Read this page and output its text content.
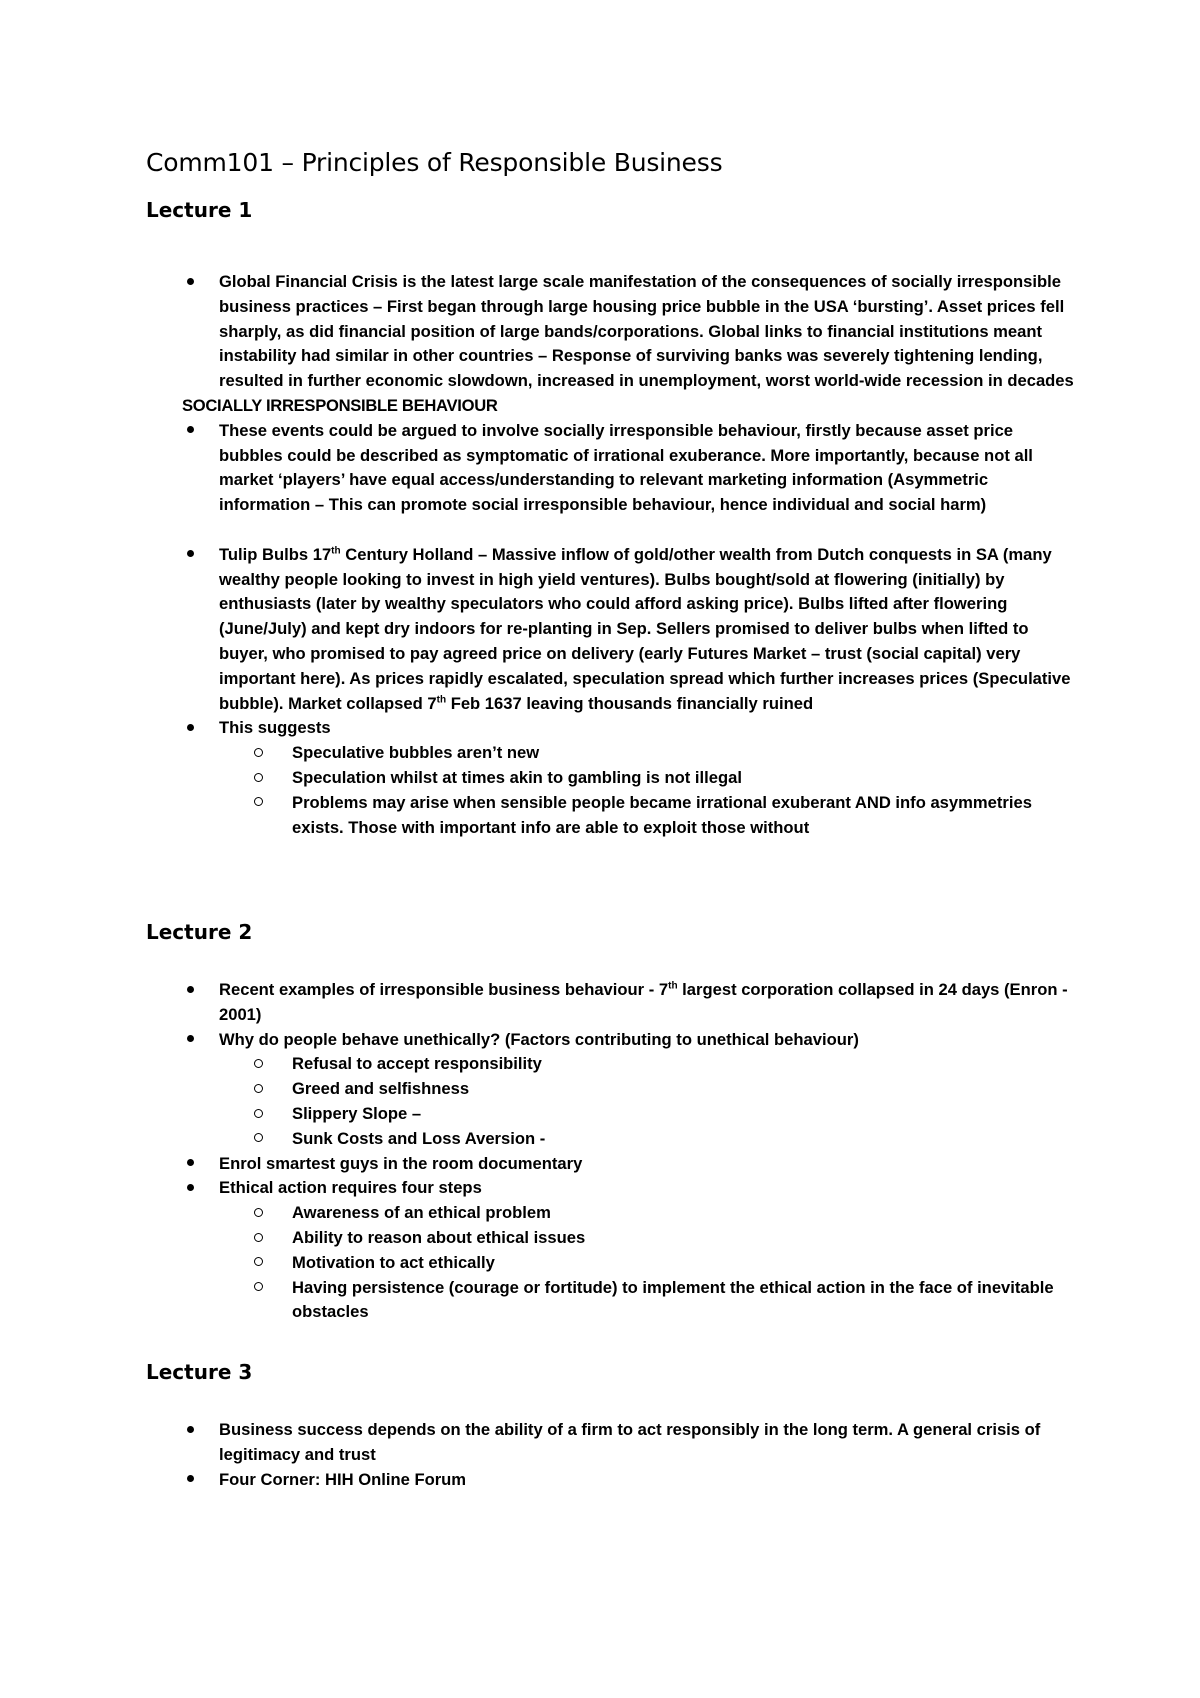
Comm101 – Principles of Responsible Business
Lecture 1
Global Financial Crisis is the latest large scale manifestation of the consequences of socially irresponsible business practices – First began through large housing price bubble in the USA ‘bursting’. Asset prices fell sharply, as did financial position of large bands/corporations. Global links to financial institutions meant instability had similar in other countries – Response of surviving banks was severely tightening lending, resulted in further economic slowdown, increased in unemployment, worst world-wide recession in decades
SOCIALLY IRRESPONSIBLE BEHAVIOUR
These events could be argued to involve socially irresponsible behaviour, firstly because asset price bubbles could be described as symptomatic of irrational exuberance. More importantly, because not all market ‘players’ have equal access/understanding to relevant marketing information (Asymmetric information – This can promote social irresponsible behaviour, hence individual and social harm)
Tulip Bulbs 17th Century Holland – Massive inflow of gold/other wealth from Dutch conquests in SA (many wealthy people looking to invest in high yield ventures). Bulbs bought/sold at flowering (initially) by enthusiasts (later by wealthy speculators who could afford asking price). Bulbs lifted after flowering (June/July) and kept dry indoors for re-planting in Sep. Sellers promised to deliver bulbs when lifted to buyer, who promised to pay agreed price on delivery (early Futures Market – trust (social capital) very important here). As prices rapidly escalated, speculation spread which further increases prices (Speculative bubble). Market collapsed 7th Feb 1637 leaving thousands financially ruined
This suggests
Speculative bubbles aren’t new
Speculation whilst at times akin to gambling is not illegal
Problems may arise when sensible people became irrational exuberant AND info asymmetries exists. Those with important info are able to exploit those without
Lecture 2
Recent examples of irresponsible business behaviour - 7th largest corporation collapsed in 24 days (Enron - 2001)
Why do people behave unethically? (Factors contributing to unethical behaviour)
Refusal to accept responsibility
Greed and selfishness
Slippery Slope –
Sunk Costs and Loss Aversion -
Enrol smartest guys in the room documentary
Ethical action requires four steps
Awareness of an ethical problem
Ability to reason about ethical issues
Motivation to act ethically
Having persistence (courage or fortitude) to implement the ethical action in the face of inevitable obstacles
Lecture 3
Business success depends on the ability of a firm to act responsibly in the long term. A general crisis of legitimacy and trust
Four Corner: HIH Online Forum
